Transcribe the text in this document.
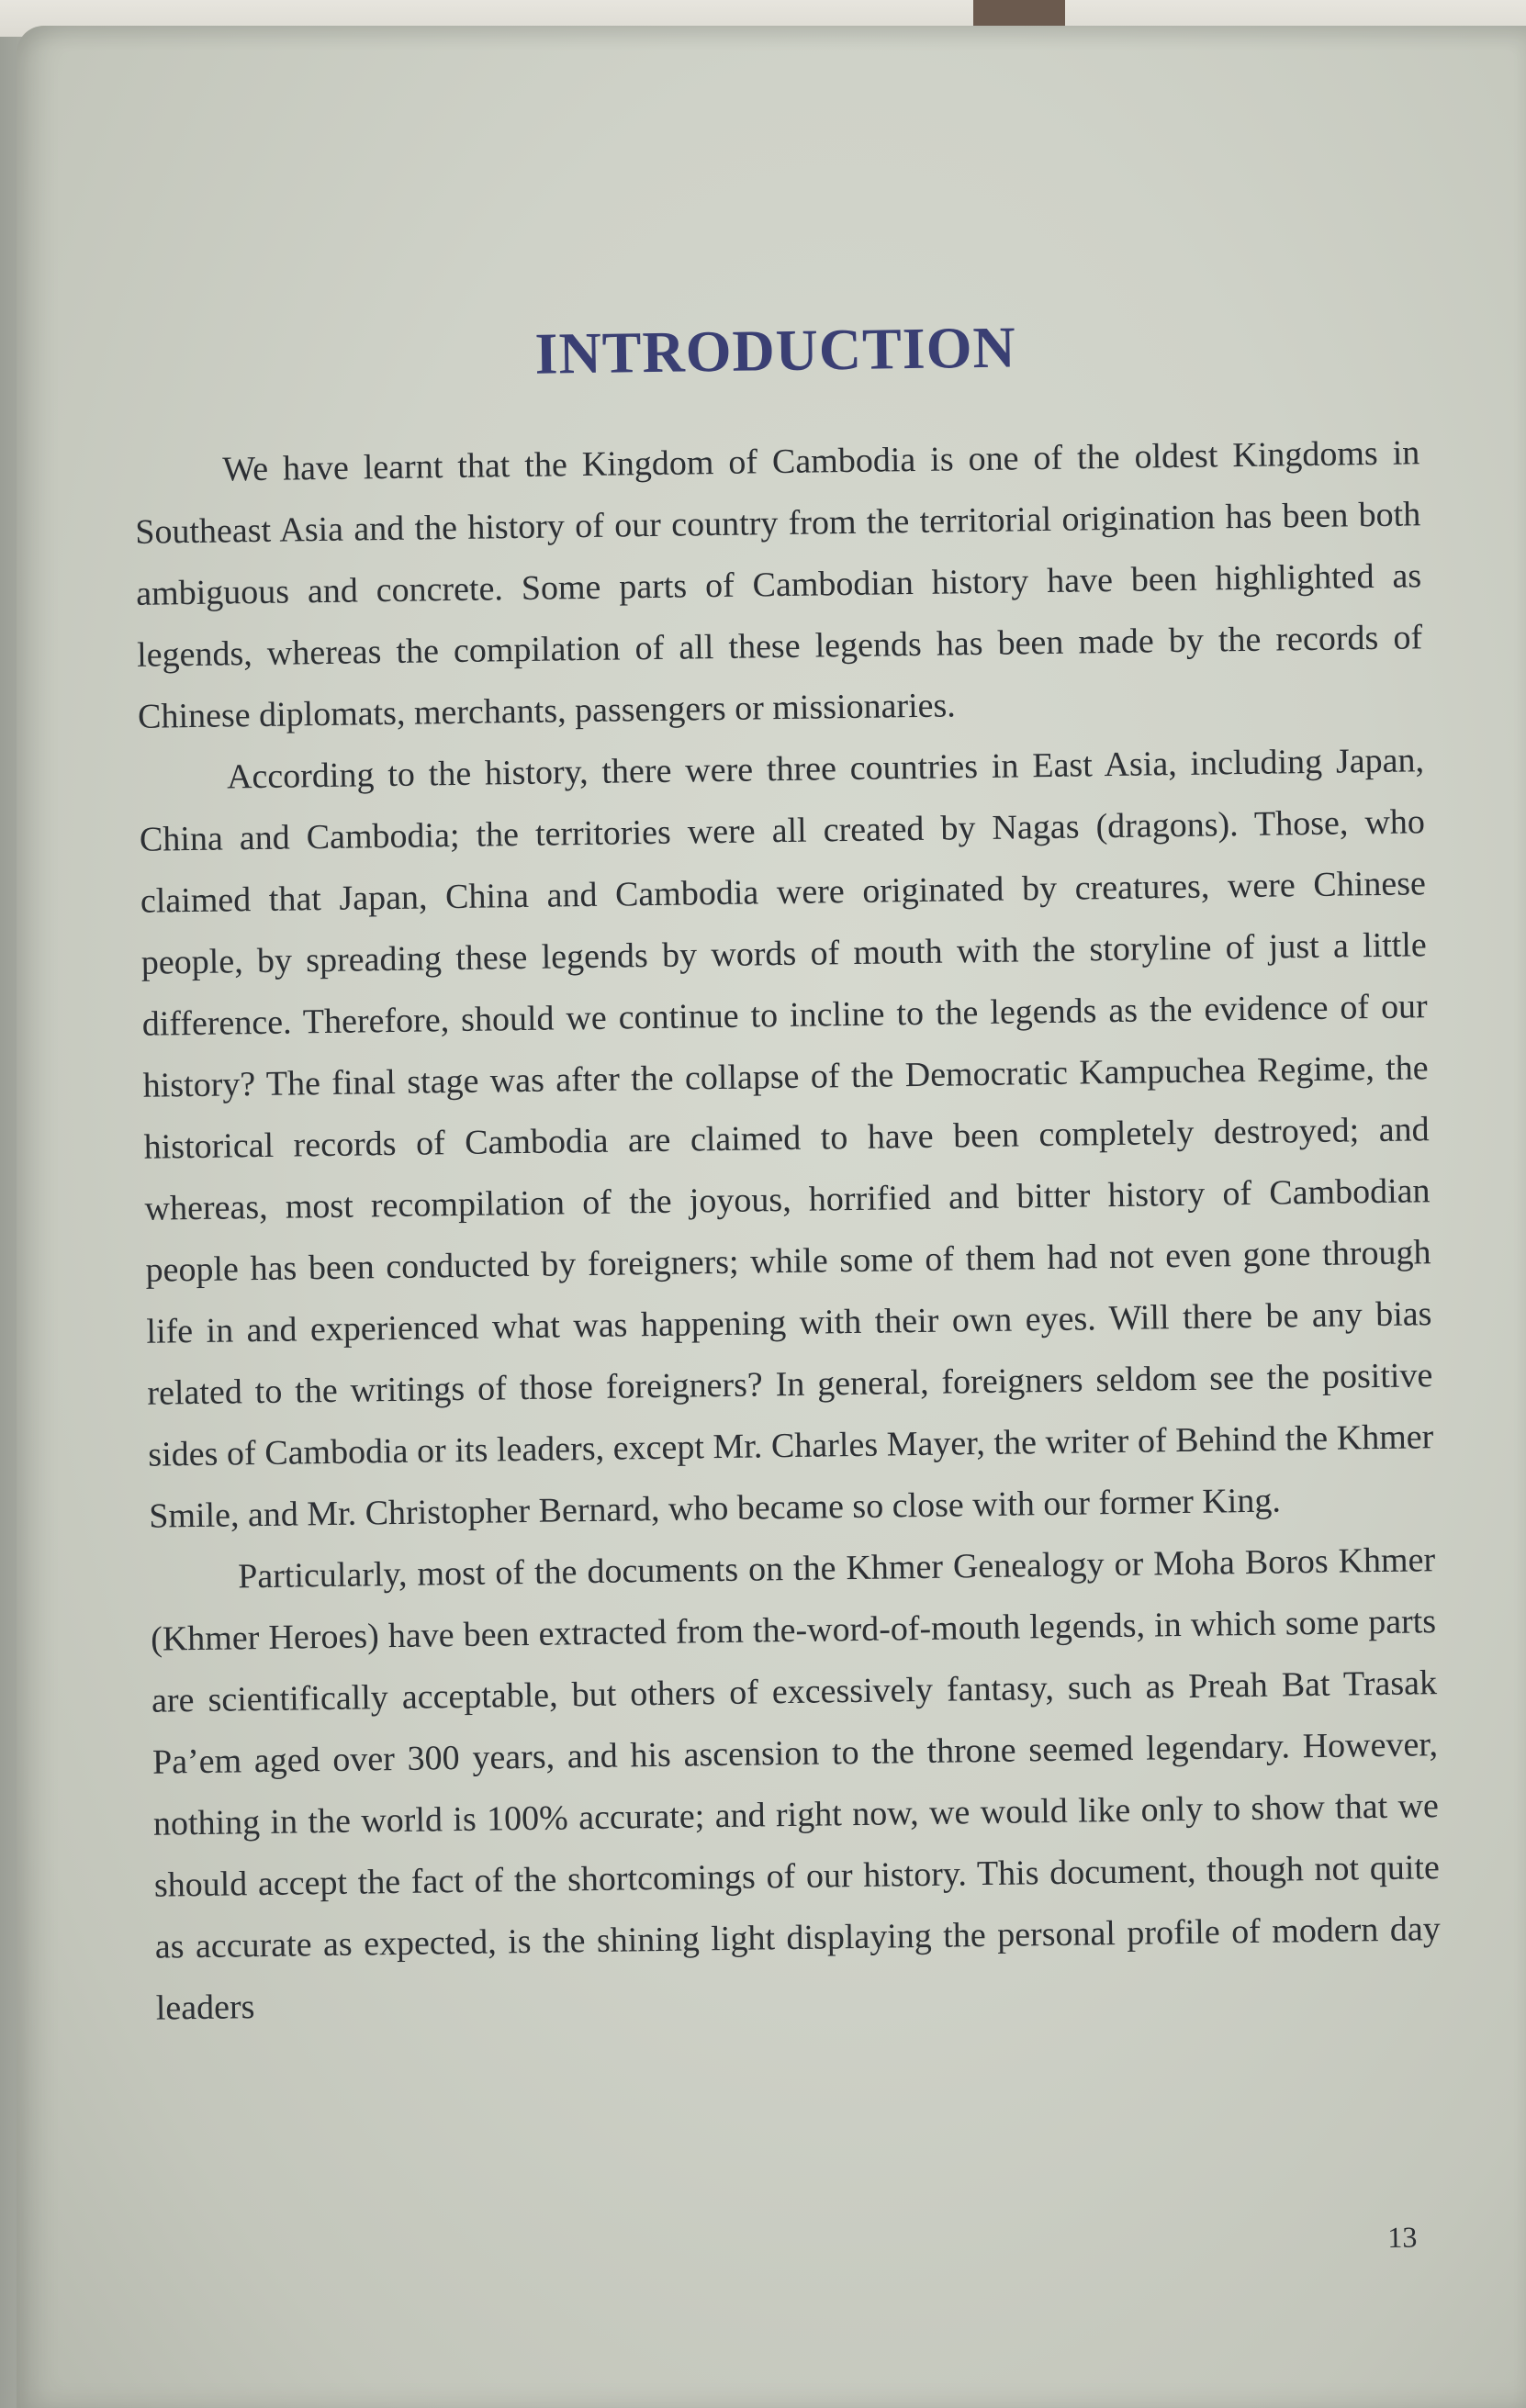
INTRODUCTION

We have learnt that the Kingdom of Cambodia is one of the oldest Kingdoms in Southeast Asia and the history of our country from the territorial origination has been both ambiguous and concrete. Some parts of Cambodian history have been highlighted as legends, whereas the compilation of all these legends has been made by the records of Chinese diplomats, merchants, passengers or missionaries.

According to the history, there were three countries in East Asia, including Japan, China and Cambodia; the territories were all created by Nagas (dragons). Those, who claimed that Japan, China and Cambodia were originated by creatures, were Chinese people, by spreading these legends by words of mouth with the storyline of just a little difference. Therefore, should we continue to incline to the legends as the evidence of our history? The final stage was after the collapse of the Democratic Kampuchea Regime, the historical records of Cambodia are claimed to have been completely destroyed; and whereas, most recompilation of the joyous, horrified and bitter history of Cambodian people has been conducted by foreigners; while some of them had not even gone through life in and experienced what was happening with their own eyes. Will there be any bias related to the writings of those foreigners? In general, foreigners seldom see the positive sides of Cambodia or its leaders, except Mr. Charles Mayer, the writer of Behind the Khmer Smile, and Mr. Christopher Bernard, who became so close with our former King.

Particularly, most of the documents on the Khmer Genealogy or Moha Boros Khmer (Khmer Heroes) have been extracted from the-word-of-mouth legends, in which some parts are scientifically acceptable, but others of excessively fantasy, such as Preah Bat Trasak Pa’em aged over 300 years, and his ascension to the throne seemed legendary. However, nothing in the world is 100% accurate; and right now, we would like only to show that we should accept the fact of the shortcomings of our history. This document, though not quite as accurate as expected, is the shining light displaying the personal profile of modern day leaders

13
